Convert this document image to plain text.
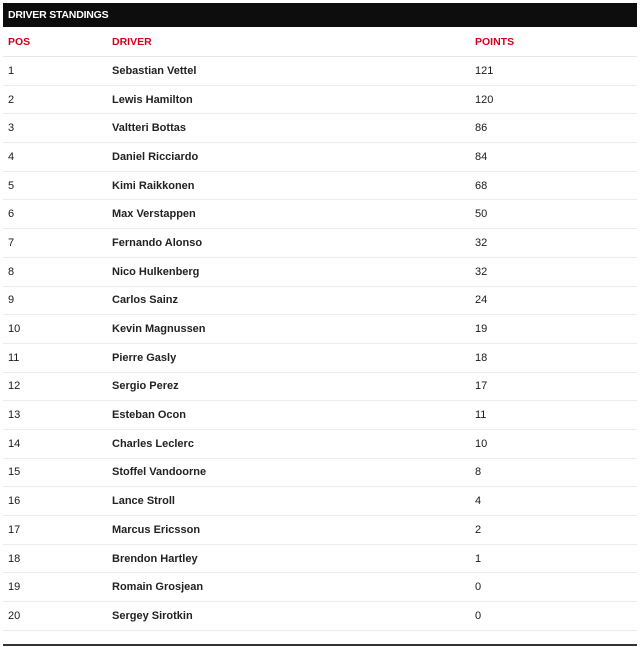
DRIVER STANDINGS
POS	DRIVER	POINTS
1	Sebastian Vettel	121
2	Lewis Hamilton	120
3	Valtteri Bottas	86
4	Daniel Ricciardo	84
5	Kimi Raikkonen	68
6	Max Verstappen	50
7	Fernando Alonso	32
8	Nico Hulkenberg	32
9	Carlos Sainz	24
10	Kevin Magnussen	19
11	Pierre Gasly	18
12	Sergio Perez	17
13	Esteban Ocon	11
14	Charles Leclerc	10
15	Stoffel Vandoorne	8
16	Lance Stroll	4
17	Marcus Ericsson	2
18	Brendon Hartley	1
19	Romain Grosjean	0
20	Sergey Sirotkin	0
